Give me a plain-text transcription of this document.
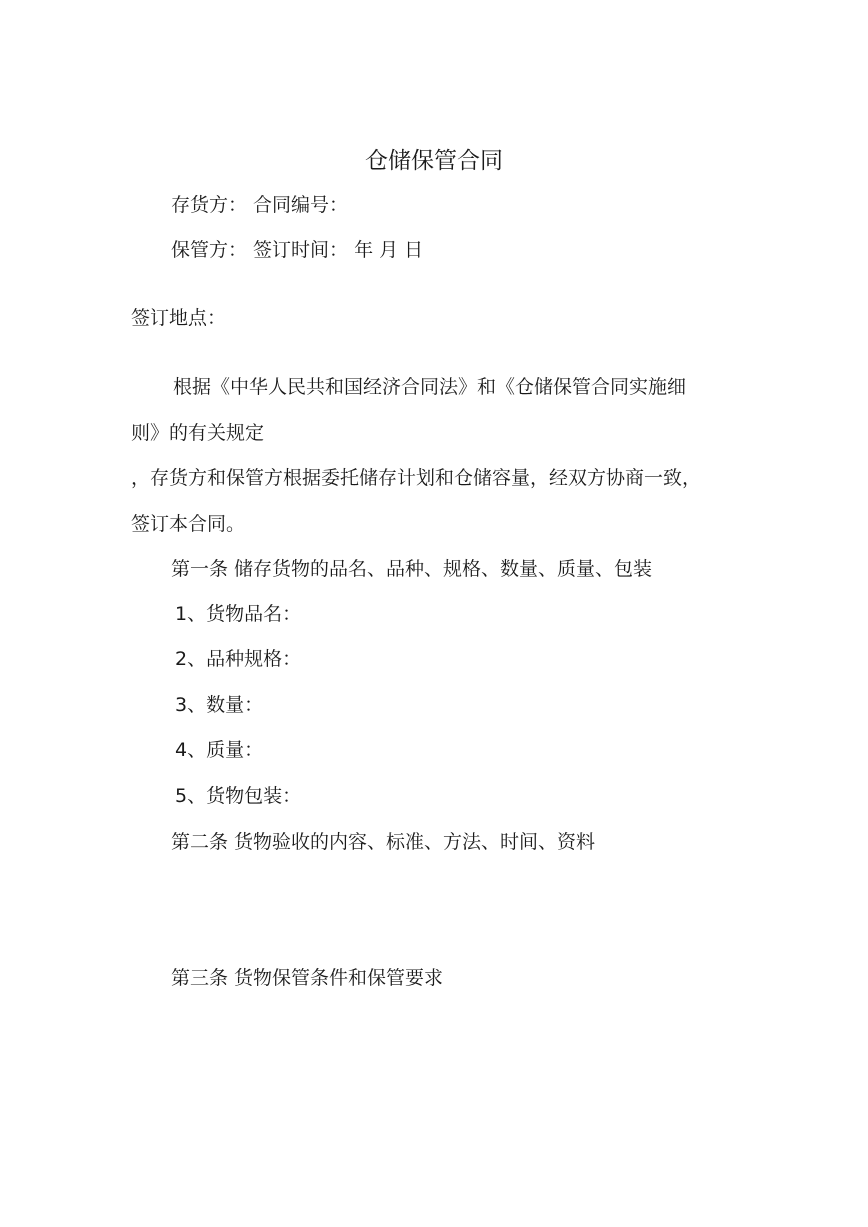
仓储保管合同

存货方： 合同编号：

保管方： 签订时间： 年 月 日

签订地点：

根据《中华人民共和国经济合同法》和《仓储保管合同实施细

则》的有关规定

，存货方和保管方根据委托储存计划和仓储容量，经双方协商一致，

签订本合同。

第一条 储存货物的品名、品种、规格、数量、质量、包装

1、货物品名：

2、品种规格：

3、数量：

4、质量：

5、货物包装：

第二条 货物验收的内容、标准、方法、时间、资料

第三条 货物保管条件和保管要求
